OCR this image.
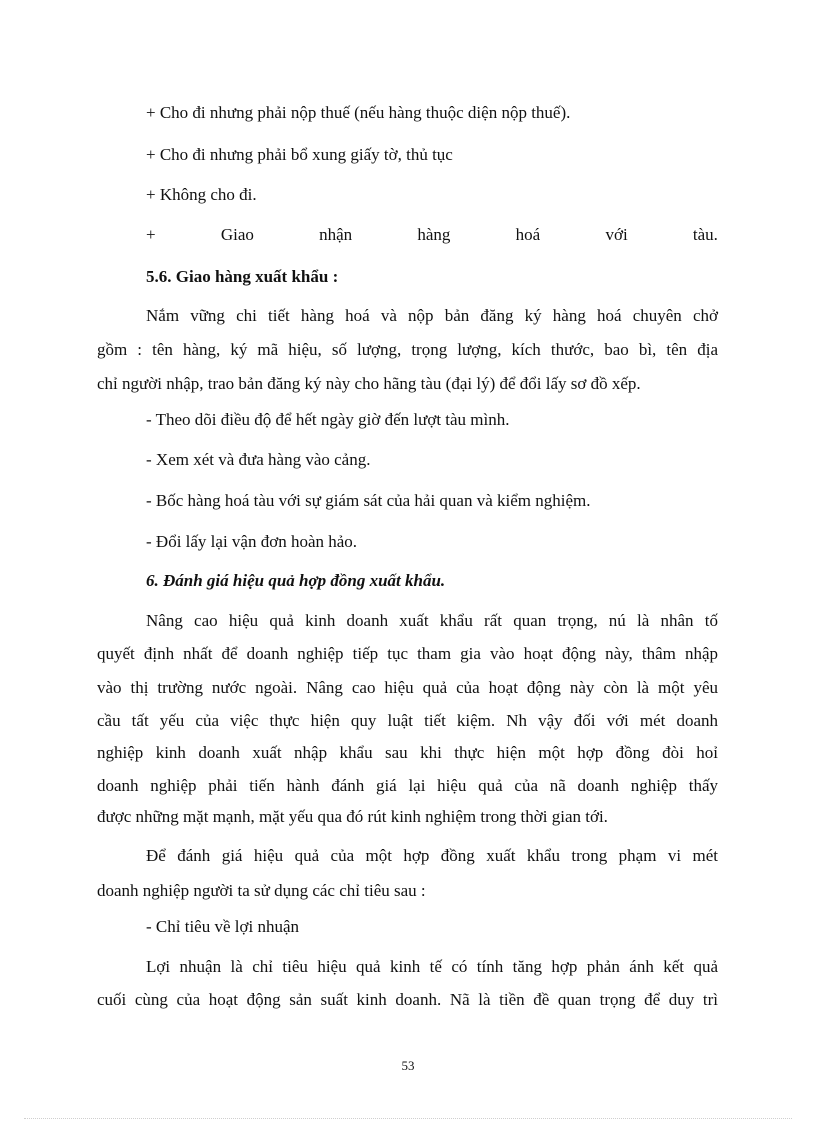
+ Cho đi nhưng phải nộp thuế (nếu hàng thuộc diện nộp thuế).
+ Cho đi nhưng phải bổ xung giấy tờ, thủ tục
+ Không cho đi.
+	Giao	nhận	hàng	hoá	với	tàu.
5.6. Giao hàng xuất khẩu :
Nắm vững chi tiết hàng hoá và nộp bản đăng ký hàng hoá chuyên chở
gồm : tên hàng, ký mã hiệu, số lượng, trọng lượng, kích thước, bao bì, tên địa
chỉ người nhập, trao bản đăng ký này cho hãng tàu (đại lý) để đổi lấy sơ đồ xếp.
- Theo dõi điều độ để hết ngày giờ đến lượt tàu mình.
- Xem xét và đưa hàng vào cảng.
- Bốc hàng hoá tàu với sự giám sát của hải quan và kiểm nghiệm.
- Đổi lấy lại vận đơn hoàn hảo.
6. Đánh giá hiệu quả hợp đồng xuất khẩu.
Nâng cao hiệu quả kinh doanh xuất khẩu rất quan trọng, nú là nhân tố
quyết định nhất để doanh nghiệp tiếp tục tham gia vào hoạt động này, thâm nhập
vào thị trường nước ngoài. Nâng cao hiệu quả của hoạt động này còn là một yêu
cầu tất yếu của việc thực hiện quy luật tiết kiệm. Nh vậy đối với mét doanh
nghiệp kinh doanh xuất nhập khẩu sau khi thực hiện một hợp đồng đòi hoỉ
doanh nghiệp phải tiến hành đánh giá lại hiệu quả của nã doanh nghiệp thấy
được những mặt mạnh, mặt yếu qua đó rút kinh nghiệm trong thời gian tới.
Để đánh giá hiệu quả của một hợp đồng xuất khẩu trong phạm vi mét
doanh nghiệp người ta sử dụng các chỉ tiêu sau :
- Chỉ tiêu về lợi nhuận
Lợi nhuận là chỉ tiêu hiệu quả kinh tế có tính tăng hợp phản ánh kết quả
cuối cùng của hoạt động sản suất kinh doanh. Nã là tiền đề quan trọng để duy trì
53
